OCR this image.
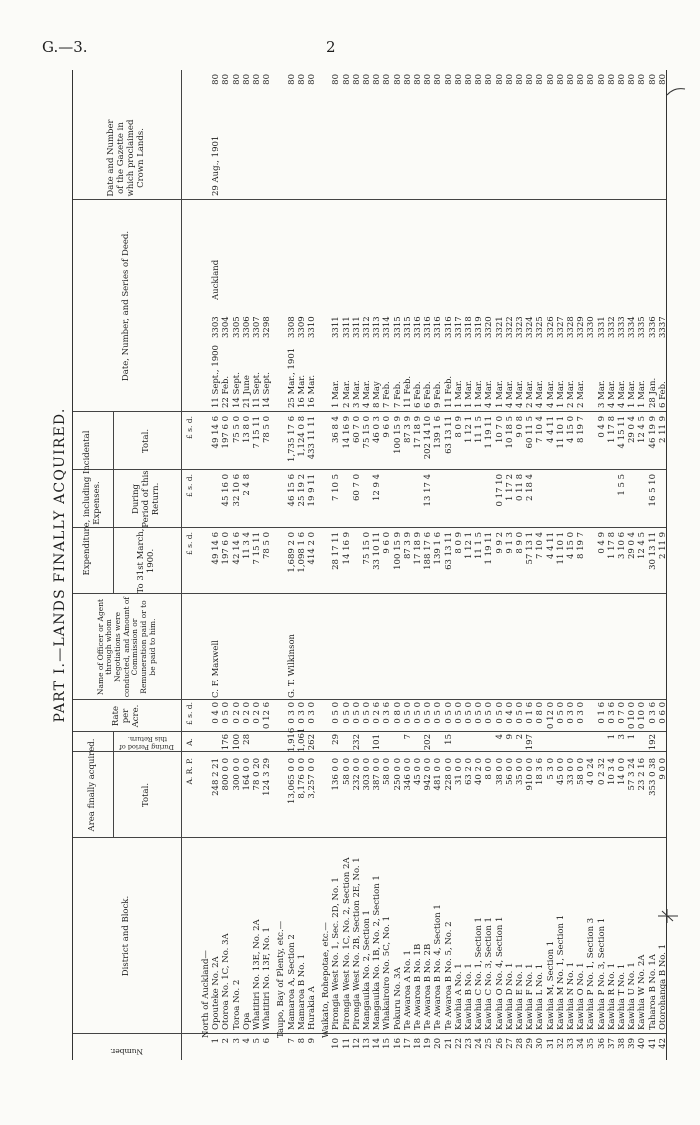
G.—3.	2
PART I.—LANDS FINALLY ACQUIRED.
Number.
District and Block.
Area finally acquired.	Total.
During Period of this Return.
Rate per Acre.
Name of Officer or Agent through whom Negotiations were conducted, and Amount of Commission or Remuneration paid or to be paid to him.
Expenditure, including Incidental Expenses.
To 31st March, 1900.
During Period of this Return.
Total.
Date, Number, and Series of Deed.
Date and Number of the Gazette in which proclaimed Crown Lands.
A. R. P.
A.
£ s. d.
£ s. d.
£ s. d.
£ s. d.
North of Auckland—
1
Opouteke No. 2A
248 2 21
0 4 0
49 14 6
49 14 6
11 Sept., 1900
3303
80
C. F. Maxwell
Auckland
29 Aug., 1901
2
Otoroa No. 1C, No. 3A
800 0 0
176
0 5 0
197 6 0
45 16 0
197 6 0
22 Feb.
3304
80
3
Toroa No. 2
300 0 0
100
0 2 0
42 14 6
32 10 6
75 5 0
14 Sept.
3305
80
4
Opa
164 0 0
28
0 2 0
11 3 4
2 4 8
13 8 0
21 June
3306
80
5
Whatitiri No. 13E, No. 2A
78 0 20
0 2 0
7 15 11
7 15 11
11 Sept.
3307
80
6
Whatitiri No. 13F, No. 1
124 3 29
0 12 6
78 5 0
78 5 0
14 Sept.
3298
80
Taupo, Bay of Plenty, etc.—
7
Mamaroa A, Section 2
13,065 0 0
1,916
0 3 0
1,689 2 0
46 15 6
1,735 17 6
25 Mar., 1901
3308
80
G. T. Wilkinson
8
Mamaroa B No. 1
8,176 0 0
1,061
0 3 0
1,098 1 6
25 19 2
1,124 0 8
16 Mar.
3309
80
9
Hurakia A
3,257 0 0
262
0 3 0
414 2 0
19 9 11
433 11 11
16 Mar.
3310
80
Waikato, Rohepotae, etc.—
10
Pirongia West No. 1, Sec. 2D, No. 1
136 0 0
29
0 5 0
28 17 11
7 10 5
36 8 4
1 Mar.
3311
80
11
Pirongia West No. 1C, No. 2, Section 2A
58 0 0
0 5 0
14 16 9
14 16 9
2 Mar.
3311
80
12
Pirongia West No. 2B, Section 2E, No. 1
232 0 0
232
0 5 0
60 7 0
60 7 0
3 Mar.
3311
80
13
Mangauika No. 2, Section 1
303 0 0
0 5 0
75 15 0
75 15 0
4 Mar.
3312
80
14
Mangauika No. 1B, No. 2, Section 1
387 0 0
101
0 2 6
33 10 11
12 9 4
46 0 3
8 May
3313
80
15
Whakairoiro No. 5C, No. 1
58 0 0
0 3 6
9 6 0
9 6 0
7 Feb.
3314
80
16
Pokuru No. 3A
250 0 0
0 8 0
100 15 9
100 15 9
7 Feb.
3315
80
17
Te Awaroa A No. 1
346 0 0
7
0 5 0
87 3 9
87 3 9
11 Feb.
3315
80
18
Te Awaroa B No. 1B
45 0 0
0 5 0
17 18 9
17 18 9
6 Feb.
3316
80
19
Te Awaroa B No. 2B
942 0 0
202
0 5 0
188 17 6
13 17 4
202 14 10
6 Feb.
3316
80
20
Te Awaroa B No. 4, Section 1
481 0 0
0 5 0
139 1 6
139 1 6
9 Feb.
3316
80
21
Te Awaroa B No. 5, No. 2
228 0 0
15
0 5 0
63 13 11
63 13 11
11 Feb.
3316
80
22
Kawhia A No. 1
31 0 0
0 5 0
8 0 9
8 0 9
1 Mar.
3317
80
23
Kawhia B No. 1
63 2 0
0 5 0
1 12 1
1 12 1
1 Mar.
3318
80
24
Kawhia C No. 1, Section 1
40 2 0
0 5 0
11 1 5
11 1 5
1 Mar.
3319
80
25
Kawhia C No. 3, Section 1
8 0 0
0 5 0
1 19 11
1 19 11
4 Mar.
3320
80
26
Kawhia O No. 4, Section 1
38 0 0
4
0 5 0
9 9 2
0 17 10
10 7 0
1 Mar.
3321
80
27
Kawhia D No. 1
56 0 0
9
0 4 0
9 1 3
1 17 2
10 18 5
4 Mar.
3322
80
28
Kawhia E No. 1
35 0 0
2
0 5 0
8 9 0
0 11 8
9 0 8
4 Mar.
3323
80
29
Kawhia F No. 1
910 0 0
197
0 1 6
57 13 1
2 18 4
60 11 5
2 Mar.
3324
80
30
Kawhia L No. 1
18 3 6
0 8 0
7 10 4
7 10 4
4 Mar.
3325
80
31
Kawhia M, Section 1
5 3 0
0 12 0
4 4 11
4 4 11
4 Mar.
3326
80
32
Kawhia M No. 1, Section 1
45 0 0
0 5 0
11 10 1
11 10 1
1 Mar.
3327
80
33
Kawhia N No. 1
33 0 0
0 3 0
4 15 0
4 15 0
2 Mar.
3328
80
34
Kawhia O No. 1
58 0 0
0 3 0
8 19 7
8 19 7
2 Mar.
3329
80
35
Kawhia P No. 1, Section 3
4 0 24
3330
80
36
Kawhia P No. 3, Section 1
0 2 32
0 1 6
0 4 9
0 4 9
3 Mar.
3331
80
37
Kawhia R No. 1
10 3 4
1
0 3 6
1 17 8
1 17 8
4 Mar.
3332
80
38
Kawhia T No. 1
14 0 0
3
0 7 0
3 10 6
1 5 5
4 15 11
4 Mar.
3333
80
39
Kawhia U No. 1
57 3 24
1
0 10 0
29 0 4
29 0 4
1 Mar.
3334
80
40
Kawhia W No. 2A
23 2 16
0 10 0
12 4 5
12 4 5
1 Mar.
3335
80
41
Taharoa B No. 1A
353 0 38
192
0 3 6
30 13 11
16 5 10
46 19 9
28 Jan.
3336
80
42
Otorohanga B No. 1
9 0 0
0 6 0
2 11 9
2 11 9
6 Feb.
3337
80
